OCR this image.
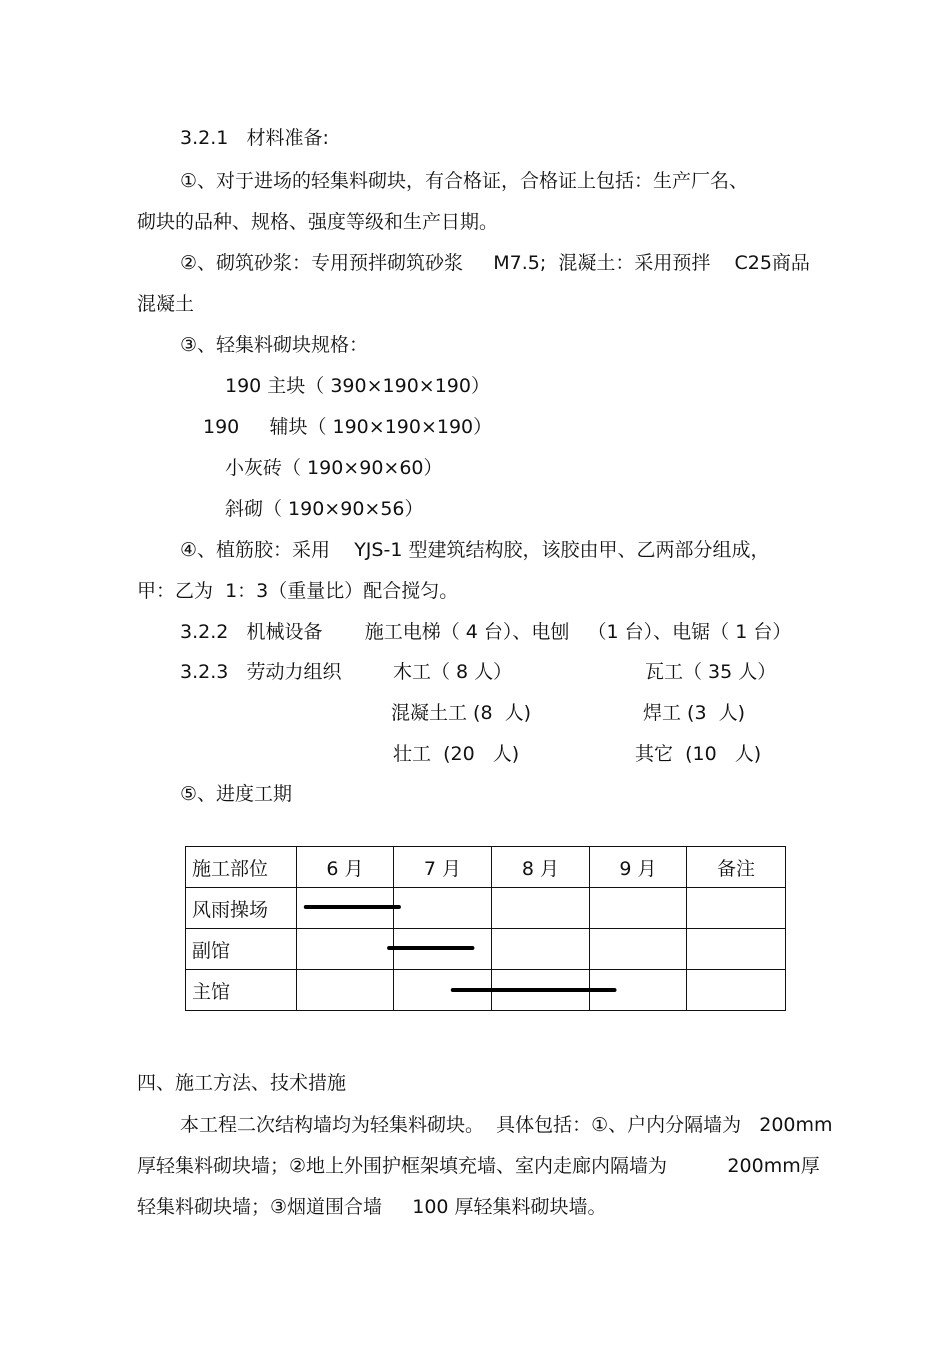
3.2.1   材料准备:
①、对于进场的轻集料砌块，有合格证，合格证上包括：生产厂名、
砌块的品种、规格、强度等级和生产日期。
②、砌筑砂浆：专用预拌砌筑砂浆     M7.5;  混凝土：采用预拌    C25商品
混凝土
③、轻集料砌块规格：
190 主块（ 390×190×190）
190     辅块（ 190×190×190）
小灰砖（ 190×90×60）
斜砌（ 190×90×56）
④、植筋胶：采用    YJS-1 型建筑结构胶，该胶由甲、乙两部分组成，
甲：乙为  1：3（重量比）配合搅匀。
3.2.2   机械设备       施工电梯（ 4 台）、电刨   （1 台）、电锯（ 1 台）
3.2.3   劳动力组织	木工（ 8 人）	瓦工（ 35 人）
混凝土工 (8  人)	焊工 (3  人)
壮工  (20   人)	其它  (10   人)
⑤、进度工期
施工部位	6 月	7 月	8 月	9 月	备注
风雨操场					
副馆					
主馆					
四、施工方法、技术措施
本工程二次结构墙均为轻集料砌块。  具体包括：①、户内分隔墙为   200mm
厚轻集料砌块墙；②地上外围护框架填充墙、室内走廊内隔墙为          200mm厚
轻集料砌块墙；③烟道围合墙     100 厚轻集料砌块墙。
